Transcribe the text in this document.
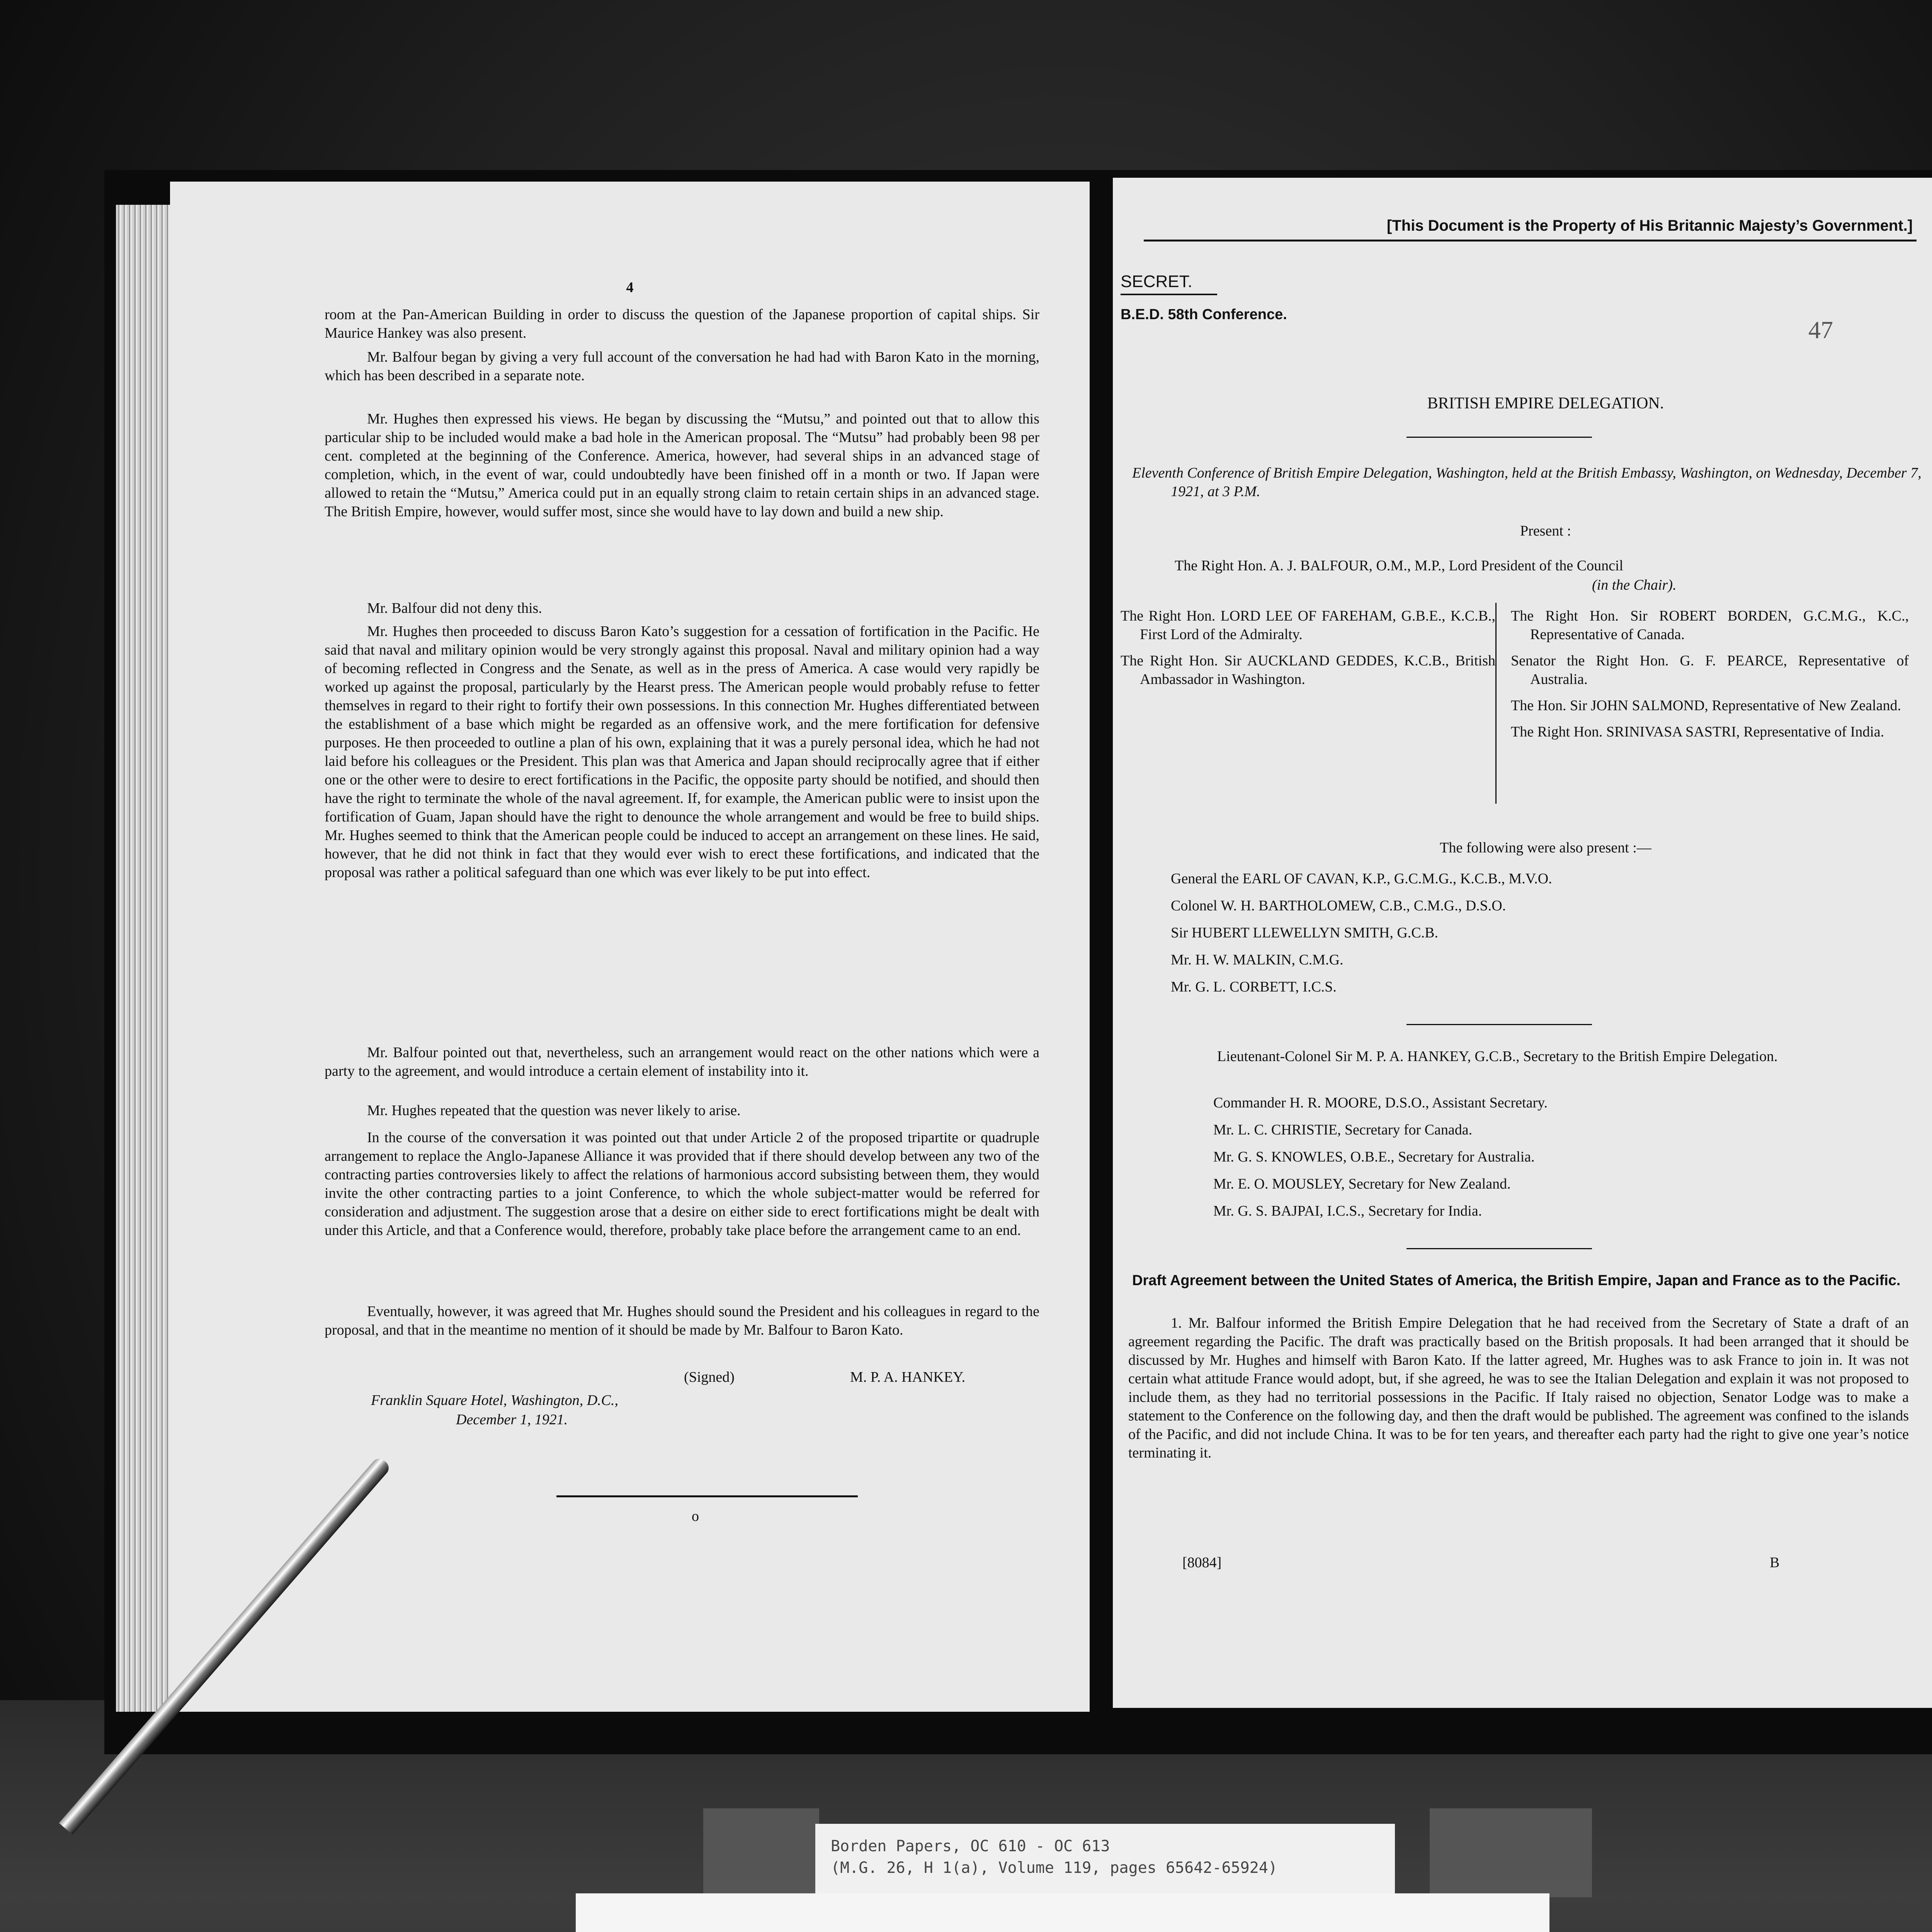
4

room at the Pan-American Building in order to discuss the question of the Japanese proportion of capital ships. Sir Maurice Hankey was also present.

Mr. Balfour began by giving a very full account of the conversation he had had with Baron Kato in the morning, which has been described in a separate note.

Mr. Hughes then expressed his views. He began by discussing the “Mutsu,” and pointed out that to allow this particular ship to be included would make a bad hole in the American proposal. The “Mutsu” had probably been 98 per cent. completed at the beginning of the Conference. America, however, had several ships in an advanced stage of completion, which, in the event of war, could undoubtedly have been finished off in a month or two. If Japan were allowed to retain the “Mutsu,” America could put in an equally strong claim to retain certain ships in an advanced stage. The British Empire, however, would suffer most, since she would have to lay down and build a new ship.

Mr. Balfour did not deny this.

Mr. Hughes then proceeded to discuss Baron Kato’s suggestion for a cessation of fortification in the Pacific. He said that naval and military opinion would be very strongly against this proposal. Naval and military opinion had a way of becoming reflected in Congress and the Senate, as well as in the press of America. A case would very rapidly be worked up against the proposal, particularly by the Hearst press. The American people would probably refuse to fetter themselves in regard to their right to fortify their own possessions. In this connection Mr. Hughes differentiated between the establishment of a base which might be regarded as an offensive work, and the mere fortification for defensive purposes. He then proceeded to outline a plan of his own, explaining that it was a purely personal idea, which he had not laid before his colleagues or the President. This plan was that America and Japan should reciprocally agree that if either one or the other were to desire to erect fortifications in the Pacific, the opposite party should be notified, and should then have the right to terminate the whole of the naval agreement. If, for example, the American public were to insist upon the fortification of Guam, Japan should have the right to denounce the whole arrangement and would be free to build ships. Mr. Hughes seemed to think that the American people could be induced to accept an arrangement on these lines. He said, however, that he did not think in fact that they would ever wish to erect these fortifications, and indicated that the proposal was rather a political safeguard than one which was ever likely to be put into effect.

Mr. Balfour pointed out that, nevertheless, such an arrangement would react on the other nations which were a party to the agreement, and would introduce a certain element of instability into it.

Mr. Hughes repeated that the question was never likely to arise.

In the course of the conversation it was pointed out that under Article 2 of the proposed tripartite or quadruple arrangement to replace the Anglo-Japanese Alliance it was provided that if there should develop between any two of the contracting parties controversies likely to affect the relations of harmonious accord subsisting between them, they would invite the other contracting parties to a joint Conference, to which the whole subject-matter would be referred for consideration and adjustment. The suggestion arose that a desire on either side to erect fortifications might be dealt with under this Article, and that a Conference would, therefore, probably take place before the arrangement came to an end.

Eventually, however, it was agreed that Mr. Hughes should sound the President and his colleagues in regard to the proposal, and that in the meantime no mention of it should be made by Mr. Balfour to Baron Kato.

(Signed)	M. P. A. HANKEY.
Franklin Square Hotel, Washington, D.C.,
December 1, 1921.
o
[This Document is the Property of His Britannic Majesty’s Government.]
SECRET.
B.E.D. 58th Conference.
47
BRITISH EMPIRE DELEGATION.

Eleventh Conference of British Empire Delegation, Washington, held at the British Embassy, Washington, on Wednesday, December 7, 1921, at 3 P.M.

Present :
The Right Hon. A. J. BALFOUR, O.M., M.P., Lord President of the Council
(in the Chair).

The Right Hon. LORD LEE OF FAREHAM, G.B.E., K.C.B., First Lord of the Admiralty.

The Right Hon. Sir AUCKLAND GEDDES, K.C.B., British Ambassador in Washington.

The Right Hon. Sir ROBERT BORDEN, G.C.M.G., K.C., Representative of Canada.

Senator the Right Hon. G. F. PEARCE, Representative of Australia.

The Hon. Sir JOHN SALMOND, Representative of New Zealand.

The Right Hon. SRINIVASA SASTRI, Representative of India.

The following were also present :—
General the EARL OF CAVAN, K.P., G.C.M.G., K.C.B., M.V.O.
Colonel W. H. BARTHOLOMEW, C.B., C.M.G., D.S.O.
Sir HUBERT LLEWELLYN SMITH, G.C.B.
Mr. H. W. MALKIN, C.M.G.
Mr. G. L. CORBETT, I.C.S.

Lieutenant-Colonel Sir M. P. A. HANKEY, G.C.B., Secretary to the British Empire Delegation.

Commander H. R. MOORE, D.S.O., Assistant Secretary.
Mr. L. C. CHRISTIE, Secretary for Canada.
Mr. G. S. KNOWLES, O.B.E., Secretary for Australia.
Mr. E. O. MOUSLEY, Secretary for New Zealand.
Mr. G. S. BAJPAI, I.C.S., Secretary for India.

Draft Agreement between the United States of America, the British Empire, Japan and France as to the Pacific.

1. Mr. Balfour informed the British Empire Delegation that he had received from the Secretary of State a draft of an agreement regarding the Pacific. The draft was practically based on the British proposals. It had been arranged that it should be discussed by Mr. Hughes and himself with Baron Kato. If the latter agreed, Mr. Hughes was to ask France to join in. It was not certain what attitude France would adopt, but, if she agreed, he was to see the Italian Delegation and explain it was not proposed to include them, as they had no territorial possessions in the Pacific. If Italy raised no objection, Senator Lodge was to make a statement to the Conference on the following day, and then the draft would be published. The agreement was confined to the islands of the Pacific, and did not include China. It was to be for ten years, and thereafter each party had the right to give one year’s notice terminating it.

[8084]	B
Borden Papers, OC 610 - OC 613
(M.G. 26, H 1(a), Volume 119, pages 65642-65924)
